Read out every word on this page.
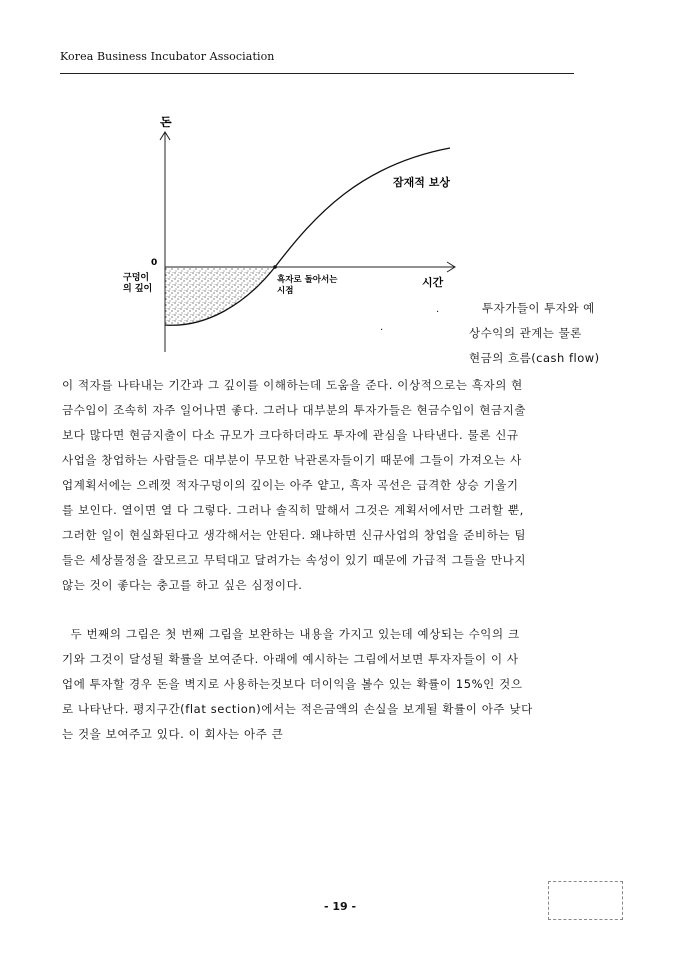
Korea Business Incubator Association
돈
0
구덩이
의 깊이
흑자로 돌아서는
시점
시간
잠재적 보상
투자가들이 투자와 예
상수익의 관계는 물론
현금의 흐름(cash flow)
.
.
이 적자를 나타내는 기간과 그 깊이를 이해하는데 도움을 준다. 이상적으로는 흑자의 현
금수입이 조속히 자주 일어나면 좋다. 그러나 대부분의 투자가들은 현금수입이 현금지출
보다 많다면 현금지출이 다소 규모가 크다하더라도 투자에 관심을 나타낸다. 물론 신규
사업을 창업하는 사람들은 대부분이 무모한 낙관론자들이기 때문에 그들이 가져오는 사
업계획서에는 으레껏 적자구덩이의 깊이는 아주 얕고, 흑자 곡선은 급격한 상승 기울기
를 보인다. 열이면 열 다 그렇다. 그러나 솔직히 말해서 그것은 계획서에서만 그러할 뿐,
그러한 일이 현실화된다고 생각해서는 안된다. 왜냐하면 신규사업의 창업을 준비하는 팀
들은 세상물정을 잘모르고 무턱대고 달려가는 속성이 있기 때문에 가급적 그들을 만나지
않는 것이 좋다는 충고를 하고 싶은 심정이다.
두 번째의 그림은 첫 번째 그림을 보완하는 내용을 가지고 있는데 예상되는 수익의 크
기와 그것이 달성될 확률을 보여준다. 아래에 예시하는 그림에서보면 투자자들이 이 사
업에 투자할 경우 돈을 벽지로 사용하는것보다 더이익을 볼수 있는 확률이 15%인 것으
로 나타난다. 평지구간(flat section)에서는 적은금액의 손실을 보게될 확률이 아주 낮다
는 것을 보여주고 있다. 이 회사는 아주 큰
- 19 -
